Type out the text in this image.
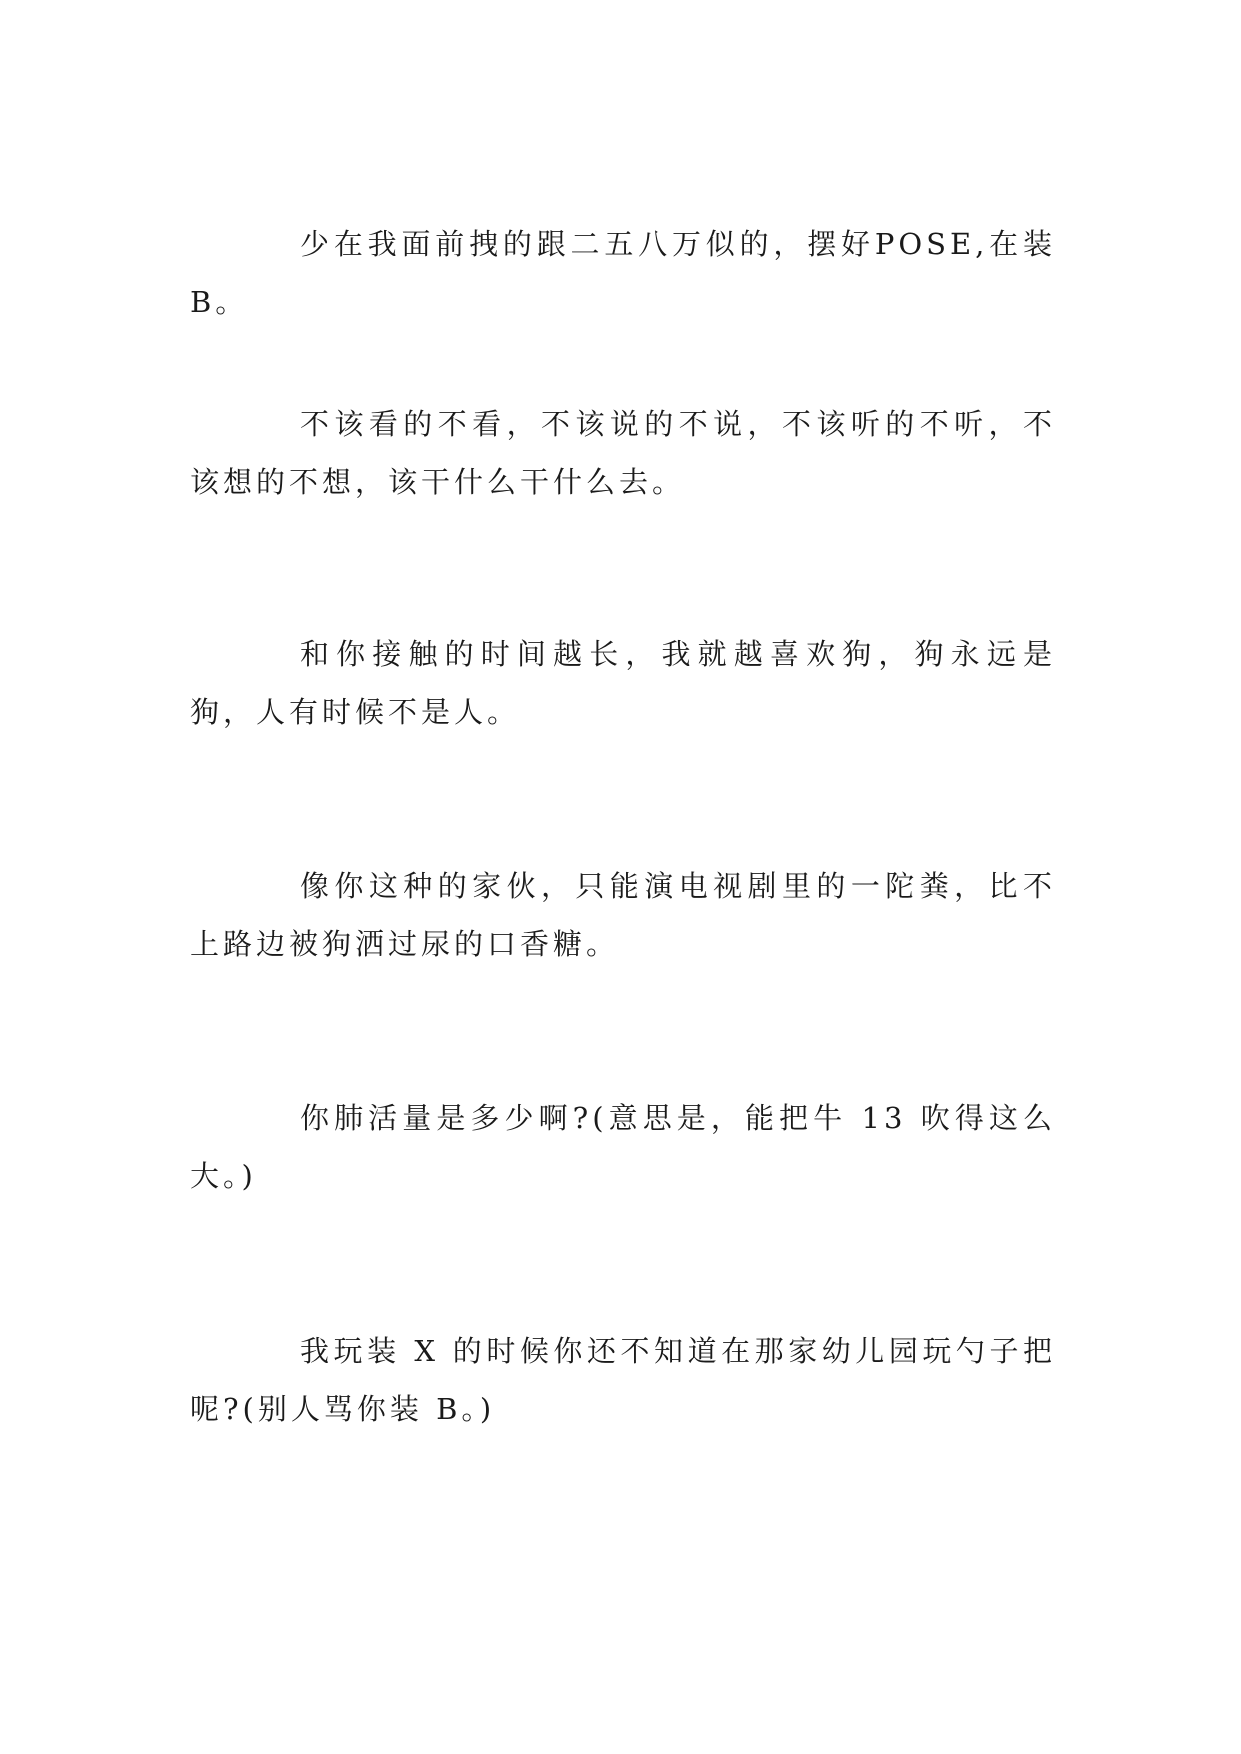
少在我面前拽的跟二五八万似的，摆好POSE,在装B。

不该看的不看，不该说的不说，不该听的不听，不该想的不想，该干什么干什么去。

和你接触的时间越长，我就越喜欢狗，狗永远是狗，人有时候不是人。

像你这种的家伙，只能演电视剧里的一陀粪，比不上路边被狗洒过尿的口香糖。

你肺活量是多少啊?(意思是，能把牛 13 吹得这么大。)

我玩装 X 的时候你还不知道在那家幼儿园玩勺子把呢?(别人骂你装 B。)
